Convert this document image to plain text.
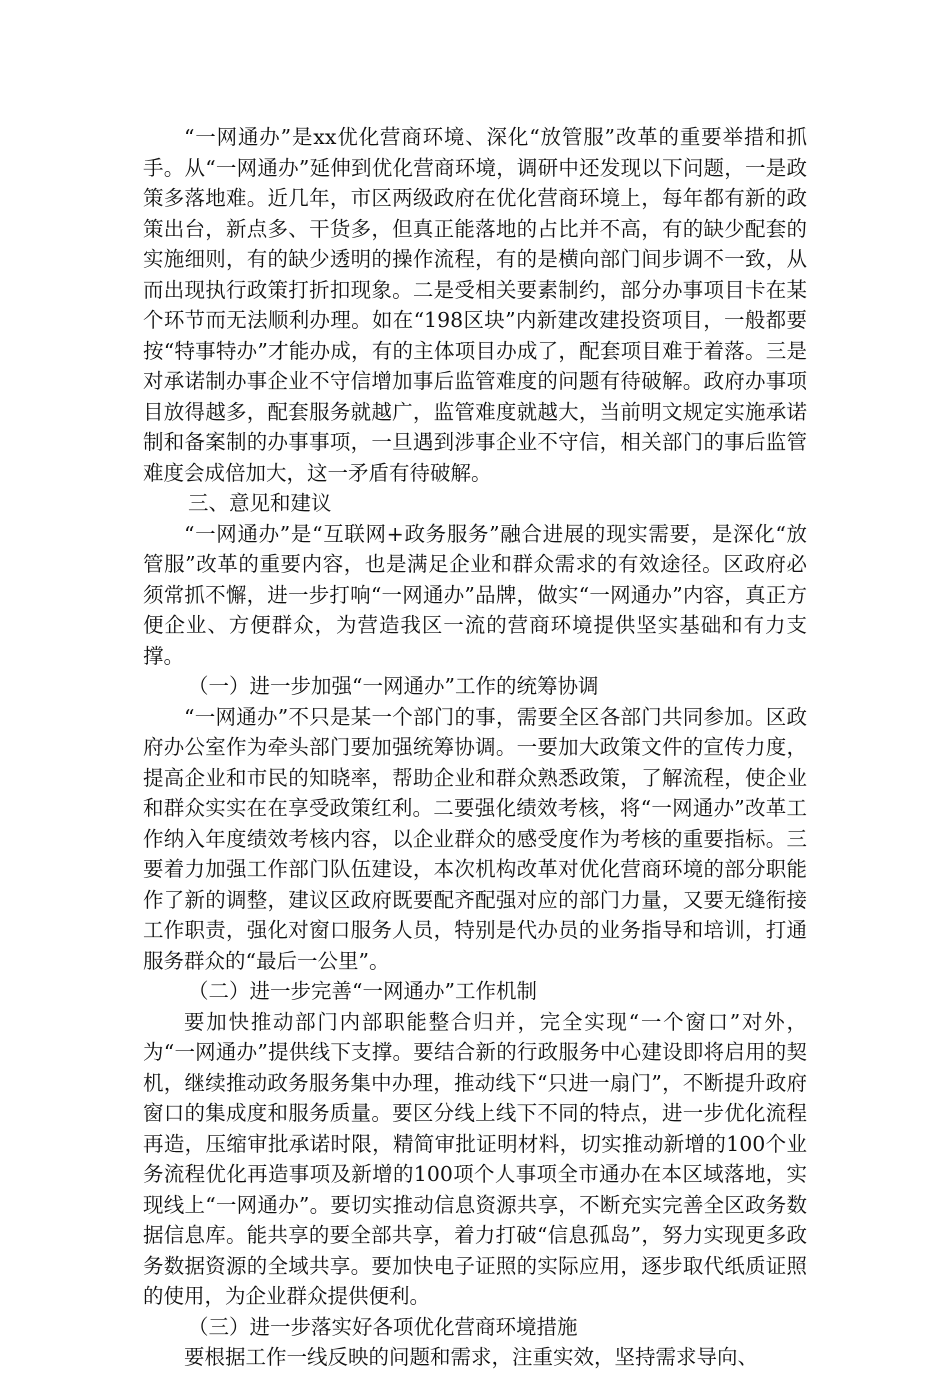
“一网通办”是xx优化营商环境、深化“放管服”改革的重要举措和抓手。从“一网通办”延伸到优化营商环境，调研中还发现以下问题，一是政策多落地难。近几年，市区两级政府在优化营商环境上，每年都有新的政策出台，新点多、干货多，但真正能落地的占比并不高，有的缺少配套的实施细则，有的缺少透明的操作流程，有的是横向部门间步调不一致，从而出现执行政策打折扣现象。二是受相关要素制约，部分办事项目卡在某个环节而无法顺利办理。如在“198区块”内新建改建投资项目，一般都要按“特事特办”才能办成，有的主体项目办成了，配套项目难于着落。三是对承诺制办事企业不守信增加事后监管难度的问题有待破解。政府办事项目放得越多，配套服务就越广，监管难度就越大，当前明文规定实施承诺制和备案制的办事事项，一旦遇到涉事企业不守信，相关部门的事后监管难度会成倍加大，这一矛盾有待破解。

三、意见和建议

“一网通办”是“互联网+政务服务”融合进展的现实需要，是深化“放管服”改革的重要内容，也是满足企业和群众需求的有效途径。区政府必须常抓不懈，进一步打响“一网通办”品牌，做实“一网通办”内容，真正方便企业、方便群众，为营造我区一流的营商环境提供坚实基础和有力支撑。

（一）进一步加强“一网通办”工作的统筹协调

“一网通办”不只是某一个部门的事，需要全区各部门共同参加。区政府办公室作为牵头部门要加强统筹协调。一要加大政策文件的宣传力度，提高企业和市民的知晓率，帮助企业和群众熟悉政策，了解流程，使企业和群众实实在在享受政策红利。二要强化绩效考核，将“一网通办”改革工作纳入年度绩效考核内容，以企业群众的感受度作为考核的重要指标。三要着力加强工作部门队伍建设，本次机构改革对优化营商环境的部分职能作了新的调整，建议区政府既要配齐配强对应的部门力量，又要无缝衔接工作职责，强化对窗口服务人员，特别是代办员的业务指导和培训，打通服务群众的“最后一公里”。

（二）进一步完善“一网通办”工作机制

要加快推动部门内部职能整合归并，完全实现“一个窗口”对外，为“一网通办”提供线下支撑。要结合新的行政服务中心建设即将启用的契机，继续推动政务服务集中办理，推动线下“只进一扇门”，不断提升政府窗口的集成度和服务质量。要区分线上线下不同的特点，进一步优化流程再造，压缩审批承诺时限，精简审批证明材料，切实推动新增的100个业务流程优化再造事项及新增的100项个人事项全市通办在本区域落地，实现线上“一网通办”。要切实推动信息资源共享，不断充实完善全区政务数据信息库。能共享的要全部共享，着力打破“信息孤岛”，努力实现更多政务数据资源的全域共享。要加快电子证照的实际应用，逐步取代纸质证照的使用，为企业群众提供便利。

（三）进一步落实好各项优化营商环境措施

要根据工作一线反映的问题和需求，注重实效，坚持需求导向、
